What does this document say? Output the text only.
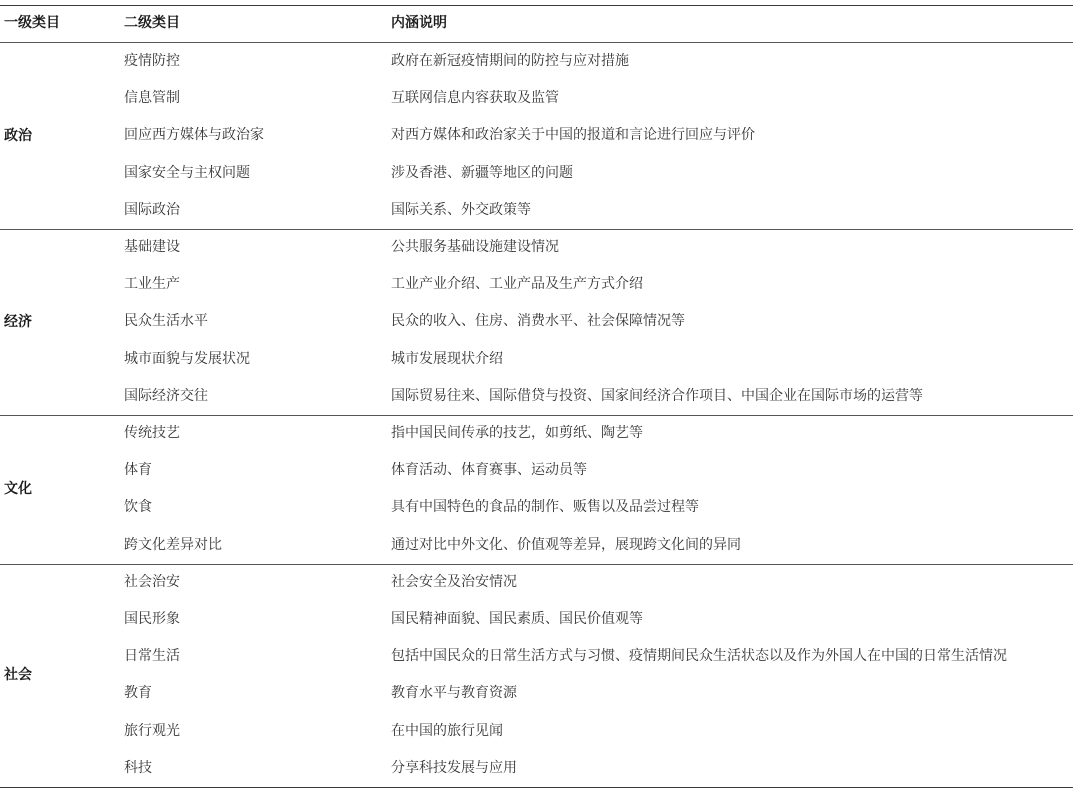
一级类目	二级类目	内涵说明
政治
疫情防控	政府在新冠疫情期间的防控与应对措施
信息管制	互联网信息内容获取及监管
回应西方媒体与政治家	对西方媒体和政治家关于中国的报道和言论进行回应与评价
国家安全与主权问题	涉及香港、新疆等地区的问题
国际政治	国际关系、外交政策等
经济
基础建设	公共服务基础设施建设情况
工业生产	工业产业介绍、工业产品及生产方式介绍
民众生活水平	民众的收入、住房、消费水平、社会保障情况等
城市面貌与发展状况	城市发展现状介绍
国际经济交往	国际贸易往来、国际借贷与投资、国家间经济合作项目、中国企业在国际市场的运营等
文化
传统技艺	指中国民间传承的技艺，如剪纸、陶艺等
体育	体育活动、体育赛事、运动员等
饮食	具有中国特色的食品的制作、贩售以及品尝过程等
跨文化差异对比	通过对比中外文化、价值观等差异，展现跨文化间的异同
社会
社会治安	社会安全及治安情况
国民形象	国民精神面貌、国民素质、国民价值观等
日常生活	包括中国民众的日常生活方式与习惯、疫情期间民众生活状态以及作为外国人在中国的日常生活情况
教育	教育水平与教育资源
旅行观光	在中国的旅行见闻
科技	分享科技发展与应用
